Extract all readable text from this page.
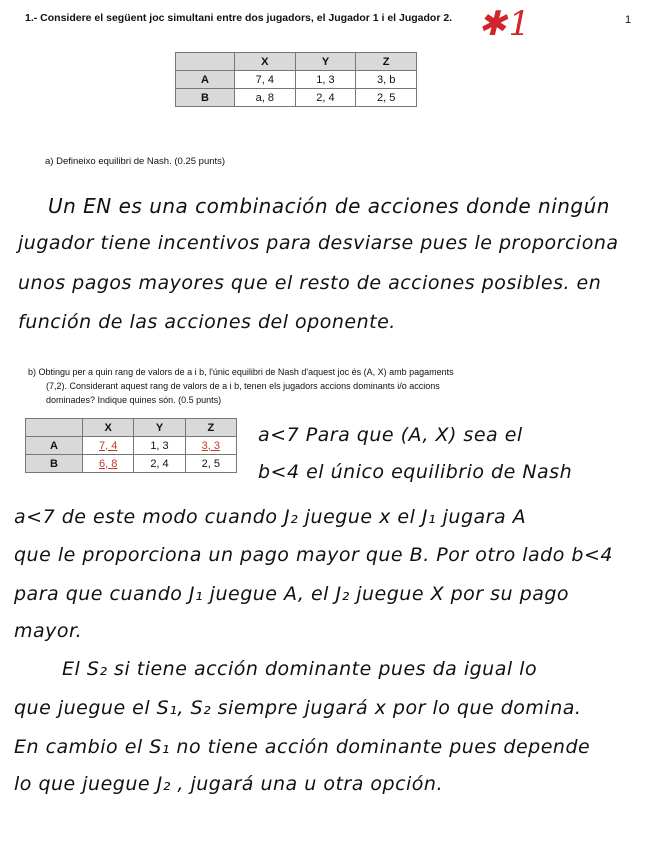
1.- Considere el següent joc simultani entre dos jugadors, el Jugador 1 i el Jugador 2.	1
✱1
	X	Y	Z
A	7, 4	1, 3	3, b
B	a, 8	2, 4	2, 5
a) Defineixo equilibri de Nash. (0.25 punts)
Un EN es una combinación de acciones donde ningún
jugador tiene incentivos para desviarse pues le proporciona
unos pagos mayores que el resto de acciones posibles. en
función de las acciones del oponente.
b) Obtingu per a quin rang de valors de a i b, l'únic equilibri de Nash d'aquest joc és (A, X) amb pagaments
(7,2). Considerant aquest rang de valors de a i b, tenen els jugadors accions dominants i/o accions
dominades? Indique quines són. (0.5 punts)
	X	Y	Z
A	7, 4	1, 3	3, 3
B	6, 8	2, 4	2, 5
a<7 Para que (A, X) sea el
b<4 el único equilibrio de Nash
a<7 de este modo cuando J₂ juegue x el J₁ jugara A
que le proporciona un pago mayor que B. Por otro lado b<4
para que cuando J₁ juegue A, el J₂ juegue X por su pago
mayor.
El S₂ si tiene acción dominante pues da igual lo
que juegue el S₁, S₂ siempre jugará x por lo que domina.
En cambio el S₁ no tiene acción dominante pues depende
lo que juegue J₂ , jugará una u otra opción.
